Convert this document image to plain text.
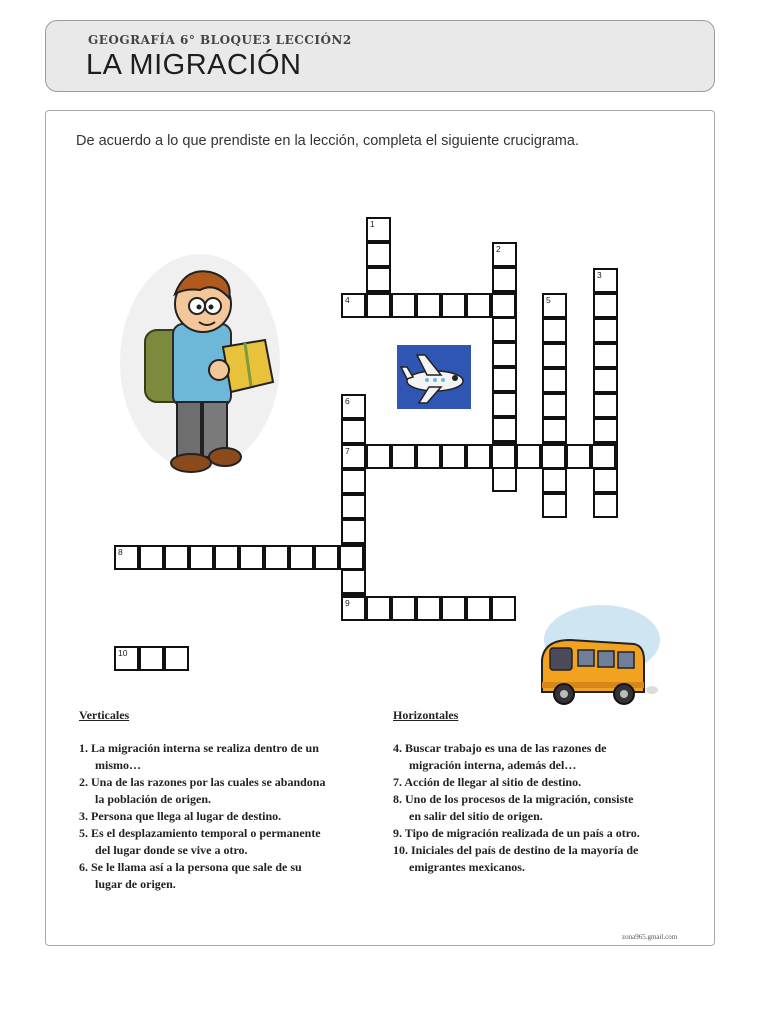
GEOGRAFÍA 6° BLOQUE3 LECCIÓN2
LA MIGRACIÓN
De acuerdo a lo que prendiste en la lección, completa el siguiente crucigrama.
1
2
3
4	5
6
7
8
9
10
Verticales	Horizontales
1. La migración interna se realiza dentro de un
mismo…
2. Una de las razones por las cuales se abandona
la población de origen.
3. Persona que llega al lugar de destino.
5. Es el desplazamiento temporal o permanente
del lugar donde se vive a otro.
6. Se le llama así a la persona que sale de su
lugar de origen.
4. Buscar trabajo es una de las razones de
migración interna, además del…
7. Acción de llegar al sitio de destino.
8. Uno de los procesos de la migración, consiste
en salir del sitio de origen.
9. Tipo de migración realizada de un país a otro.
10. Iniciales del país de destino de la mayoría de
emigrantes mexicanos.
zona965.gmail.com
